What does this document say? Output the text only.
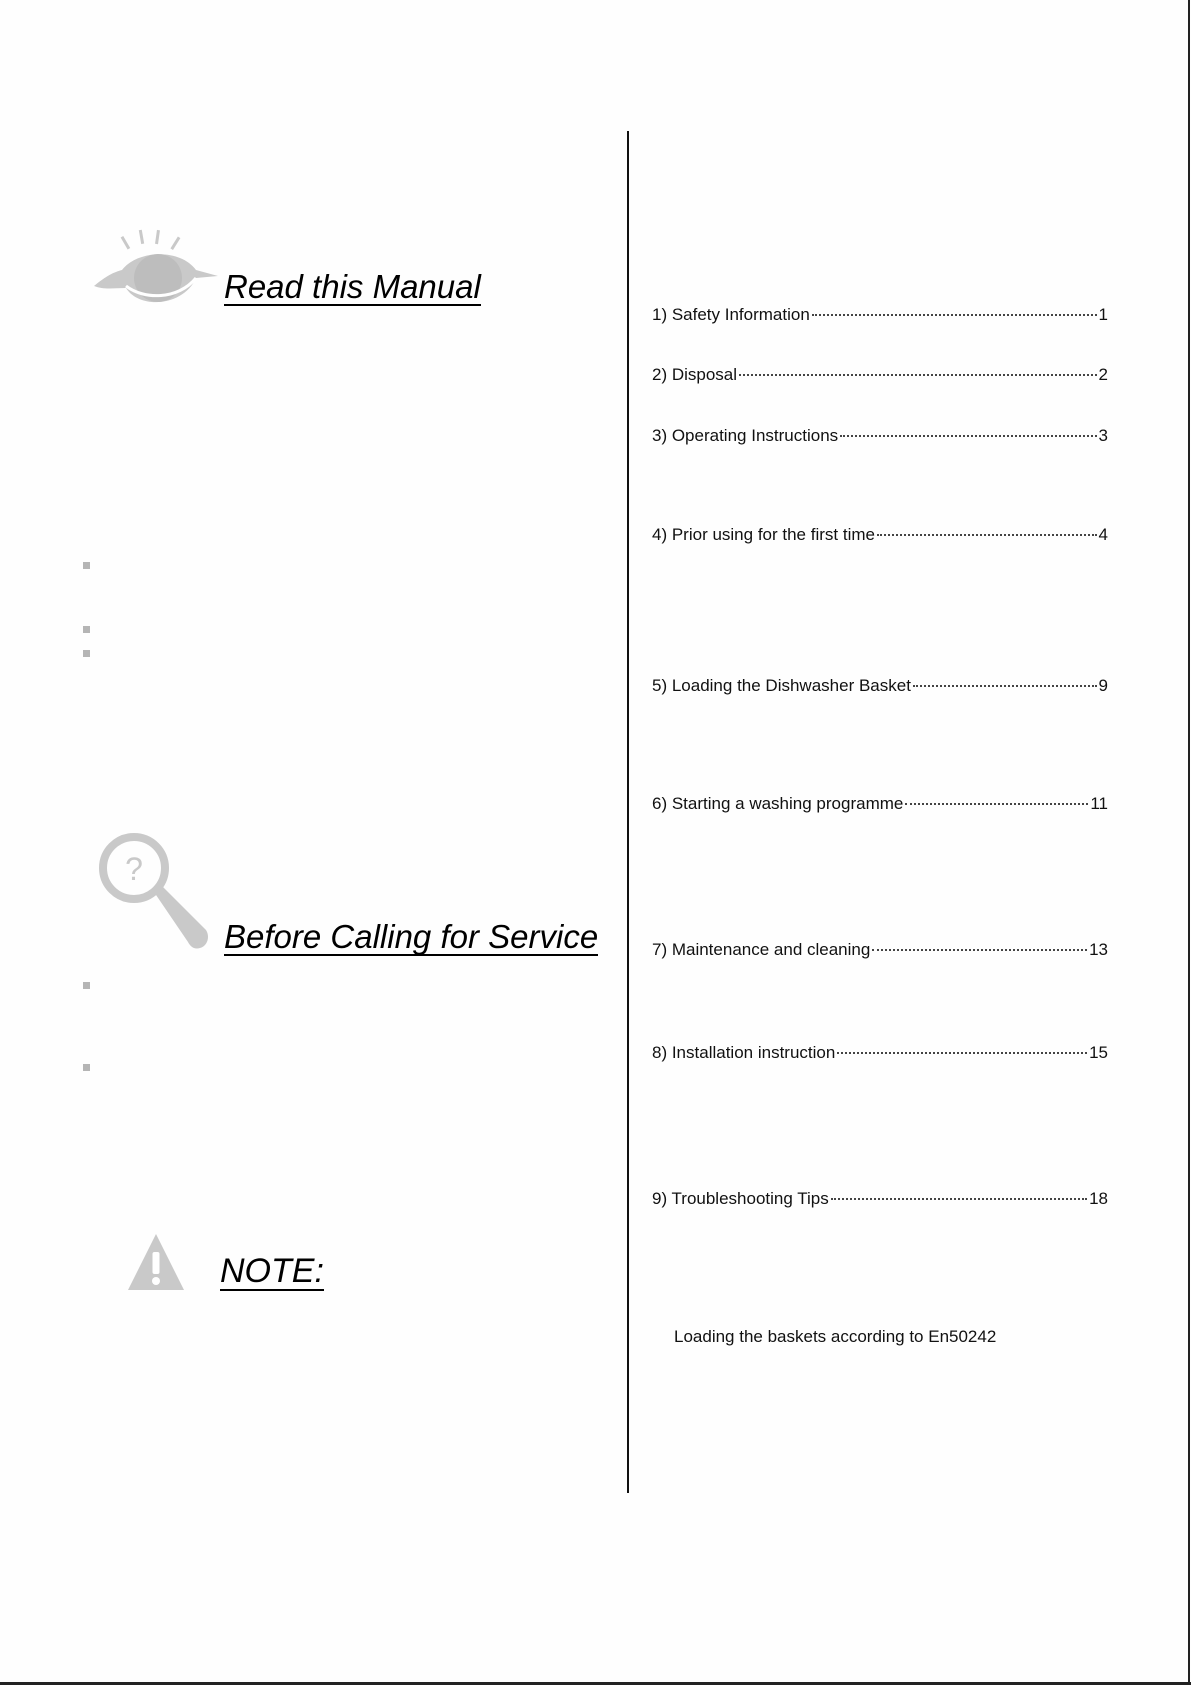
Read this Manual
?
Before Calling for Service
NOTE:
1) Safety Information	1
2) Disposal	2
3) Operating Instructions	3
4) Prior using for the first time	4
5) Loading the Dishwasher Basket	9
6) Starting a washing programme	11
7) Maintenance and cleaning	13
8) Installation instruction	15
9) Troubleshooting Tips	18
Loading the baskets according to En50242
